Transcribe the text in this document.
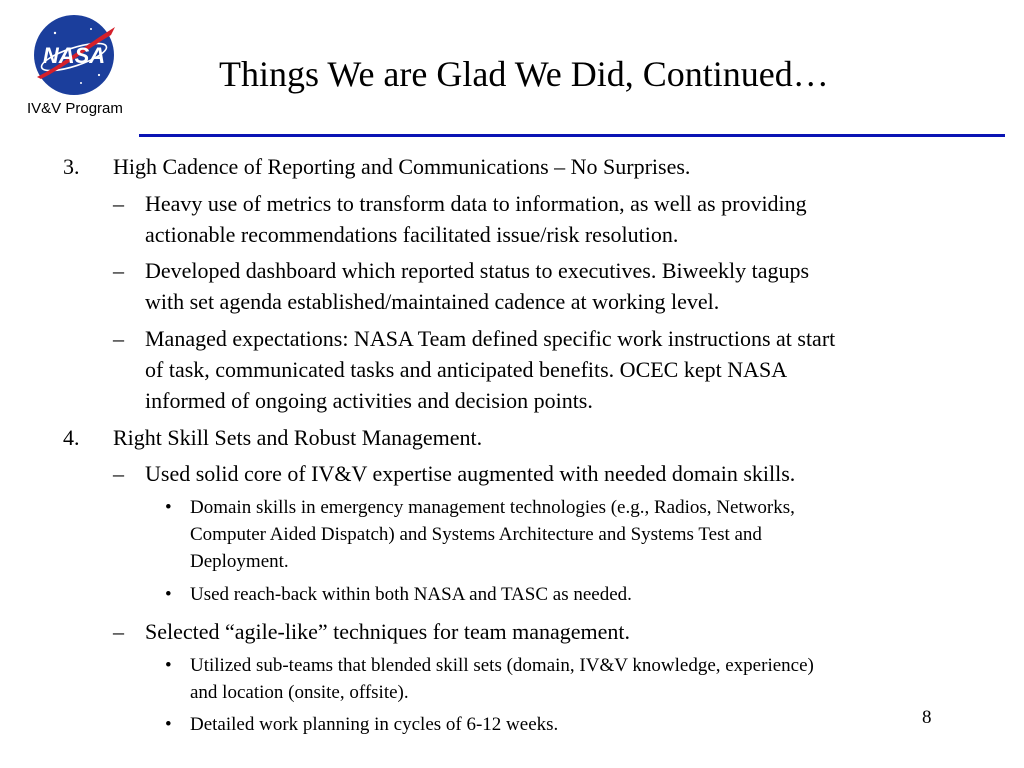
NASA
IV&V Program
Things We are Glad We Did, Continued…
3. High Cadence of Reporting and Communications – No Surprises.
– Heavy use of metrics to transform data to information, as well as providing
actionable recommendations facilitated issue/risk resolution.
– Developed dashboard which reported status to executives. Biweekly tagups
with set agenda established/maintained cadence at working level.
– Managed expectations: NASA Team defined specific work instructions at start
of task, communicated tasks and anticipated benefits. OCEC kept NASA
informed of ongoing activities and decision points.
4. Right Skill Sets and Robust Management.
– Used solid core of IV&V expertise augmented with needed domain skills.
• Domain skills in emergency management technologies (e.g., Radios, Networks,
Computer Aided Dispatch) and Systems Architecture and Systems Test and
Deployment.
• Used reach-back within both NASA and TASC as needed.
– Selected “agile-like” techniques for team management.
• Utilized sub-teams that blended skill sets (domain, IV&V knowledge, experience)
and location (onsite, offsite).
• Detailed work planning in cycles of 6-12 weeks.	8
